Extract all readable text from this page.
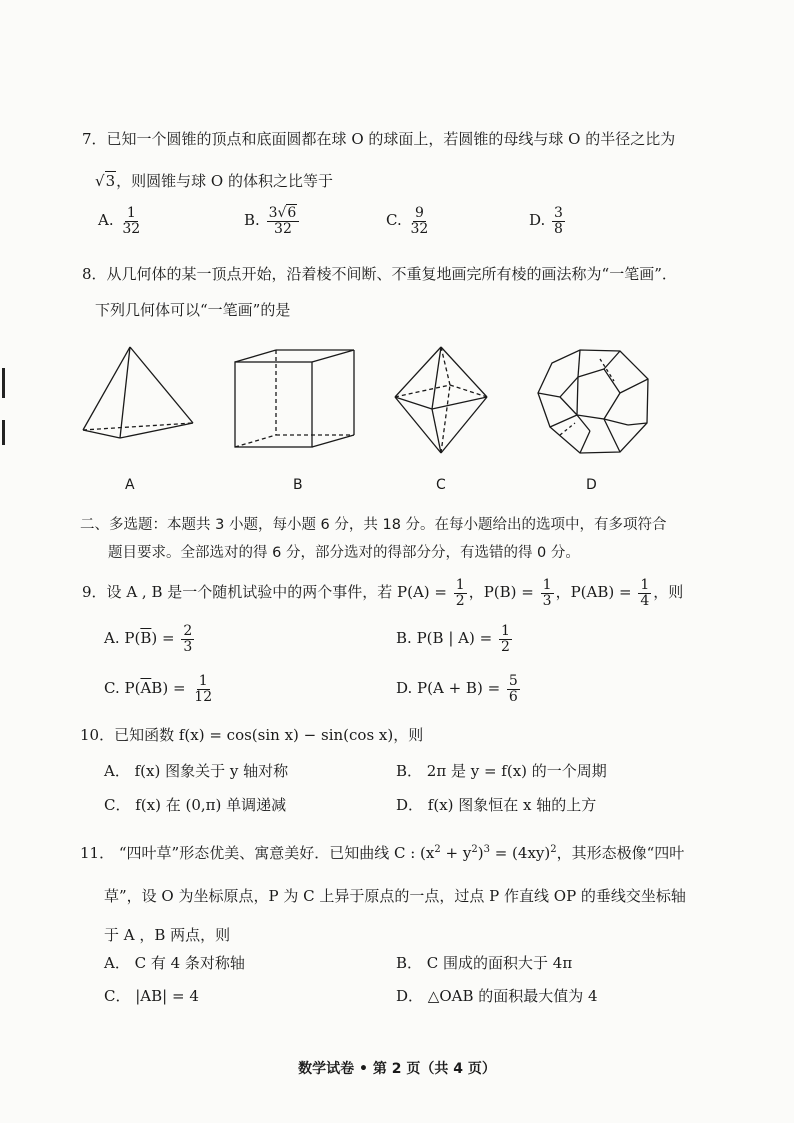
7．已知一个圆锥的顶点和底面圆都在球 O 的球面上，若圆锥的母线与球 O 的半径之比为
√3，则圆锥与球 O 的体积之比等于
A. $\frac{1}{32}$	B. $\frac{3√6}{32}$	C. $\frac{9}{32}$	D. $\frac{3}{8}$
8．从几何体的某一顶点开始，沿着棱不间断、不重复地画完所有棱的画法称为“一笔画”．
下列几何体可以“一笔画”的是
A	B	C	D
二、多选题：本题共 3 小题，每小题 6 分，共 18 分。在每小题给出的选项中，有多项符合
题目要求。全部选对的得 6 分，部分选对的得部分分，有选错的得 0 分。
9．设 A , B 是一个随机试验中的两个事件，若 $P(A) = \frac{1}{2}$ ，$P(B) = \frac{1}{3}$ ，$P(AB) = \frac{1}{4}$ ，则
A. $P(\overline{B}) = \frac{2}{3}$	B. P(B | $A) = \frac{1}{2}$
C. $P(\overline{A}B) = \frac{1}{12}$	D. $P(A + B) = \frac{5}{6}$
10．已知函数 f(x) = cos(sin x) − sin(cos x)，则
A． f(x) 图象关于 y 轴对称	B． 2π 是 y = f(x) 的一个周期
C． f(x) 在 (0,π) 单调递减	D． f(x) 图象恒在 x 轴的上方
11． “四叶草”形态优美、寓意美好．已知曲线 C : $(x^2 + y^2)^3 = (4xy)^2$，其形态极像“四叶
草”，设 O 为坐标原点，P 为 C 上异于原点的一点，过点 P 作直线 OP 的垂线交坐标轴
于 A ，B 两点，则
A． C 有 4 条对称轴	B． C 围成的面积大于 4π
C． |AB| = 4	D． △OAB 的面积最大值为 4
数学试卷 • 第 2 页（共 4 页）
